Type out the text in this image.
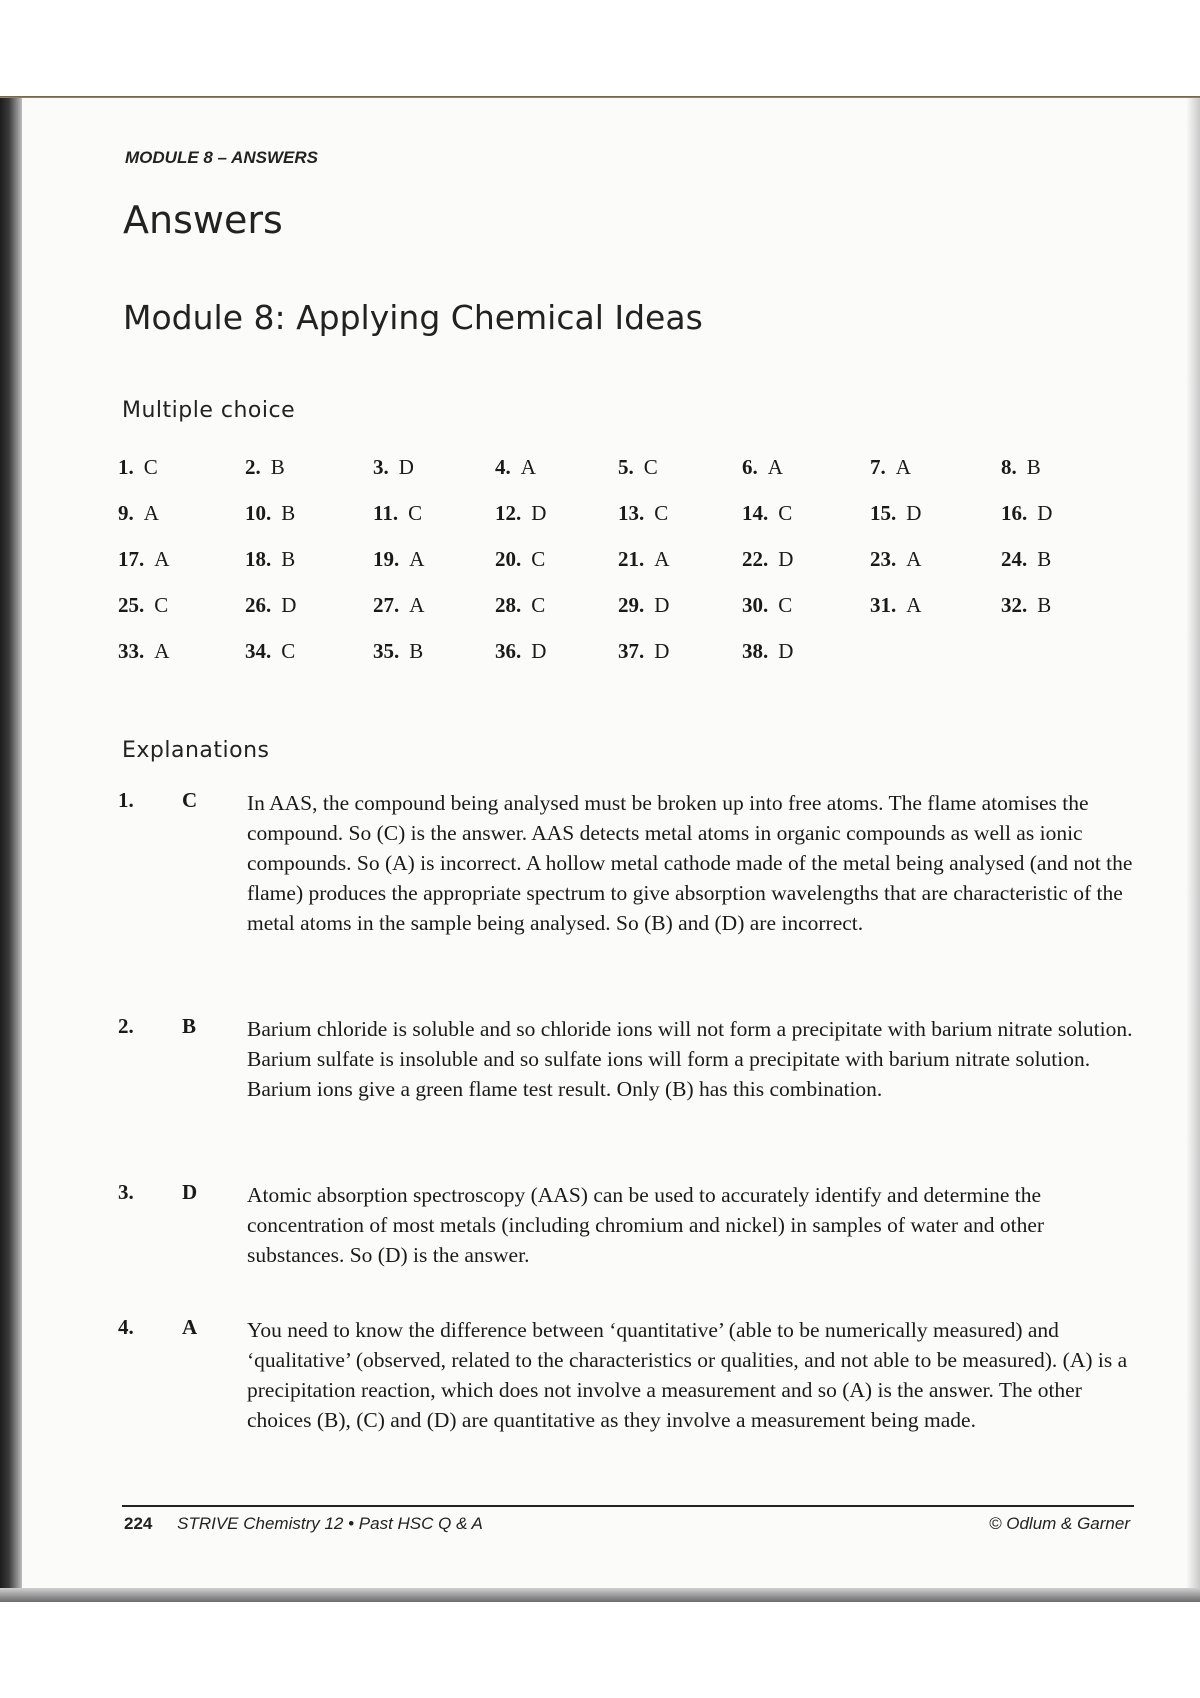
MODULE 8 – ANSWERS
Answers
Module 8: Applying Chemical Ideas
Multiple choice
1. C	2. B	3. D	4. A	5. C	6. A	7. A	8. B
9. A	10. B	11. C	12. D	13. C	14. C	15. D	16. D
17. A	18. B	19. A	20. C	21. A	22. D	23. A	24. B
25. C	26. D	27. A	28. C	29. D	30. C	31. A	32. B
33. A	34. C	35. B	36. D	37. D	38. D
Explanations
1. C In AAS, the compound being analysed must be broken up into free atoms. The flame atomises the compound. So (C) is the answer. AAS detects metal atoms in organic compounds as well as ionic compounds. So (A) is incorrect. A hollow metal cathode made of the metal being analysed (and not the flame) produces the appropriate spectrum to give absorption wavelengths that are characteristic of the metal atoms in the sample being analysed. So (B) and (D) are incorrect.
2. B Barium chloride is soluble and so chloride ions will not form a precipitate with barium nitrate solution. Barium sulfate is insoluble and so sulfate ions will form a precipitate with barium nitrate solution. Barium ions give a green flame test result. Only (B) has this combination.
3. D Atomic absorption spectroscopy (AAS) can be used to accurately identify and determine the concentration of most metals (including chromium and nickel) in samples of water and other substances. So (D) is the answer.
4. A You need to know the difference between ‘quantitative’ (able to be numerically measured) and ‘qualitative’ (observed, related to the characteristics or qualities, and not able to be measured). (A) is a precipitation reaction, which does not involve a measurement and so (A) is the answer. The other choices (B), (C) and (D) are quantitative as they involve a measurement being made.
224 STRIVE Chemistry 12 • Past HSC Q & A	© Odlum & Garner
